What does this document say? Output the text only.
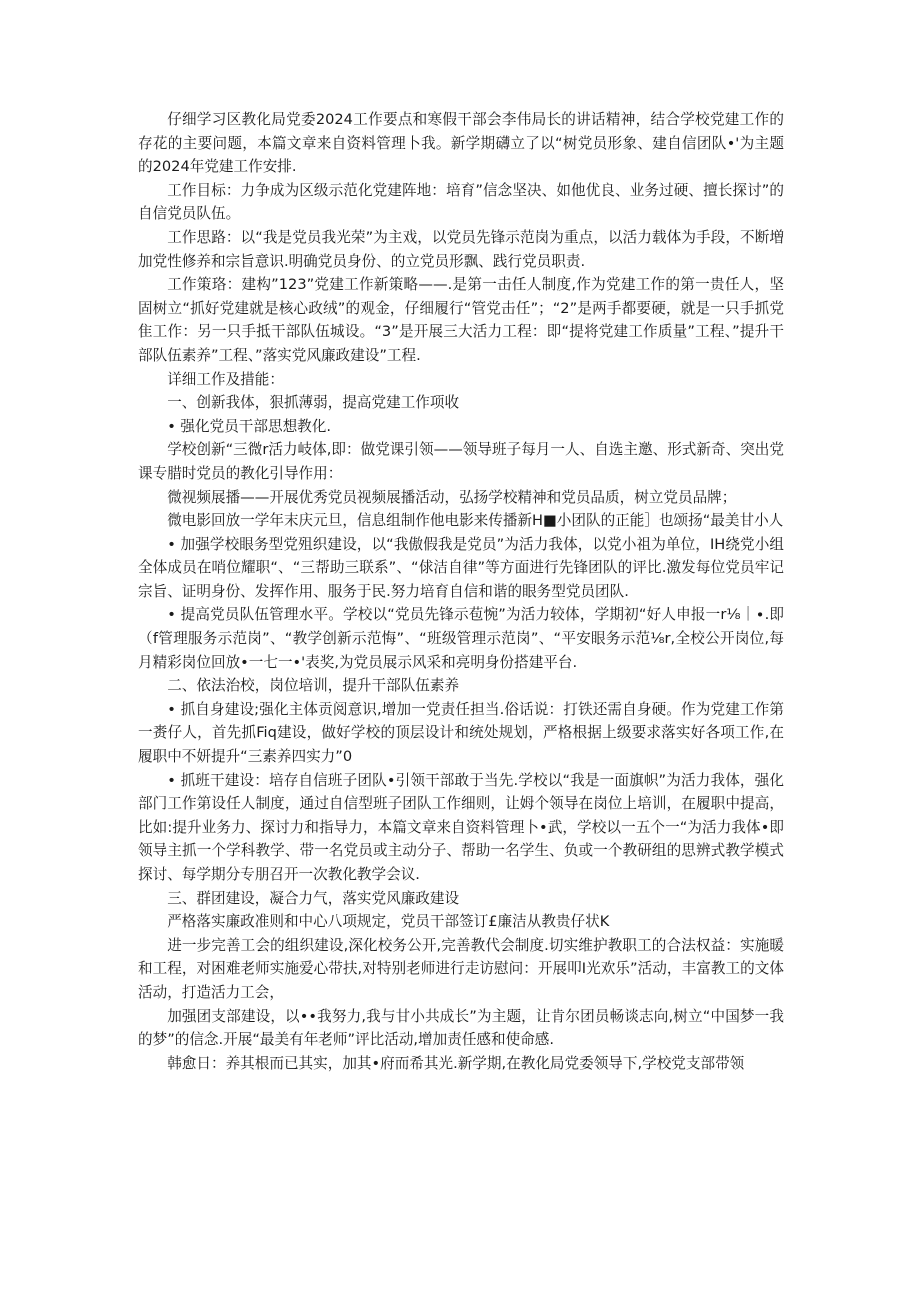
仔细学习区教化局党委2024工作要点和寒假干部会李伟局长的讲话精神，结合学校党建工作的存花的主要问题，本篇文章来自资料管理卜我。新学期礴立了以“树党员形象、建自信团队•'为主题的2024年党建工作安排.

工作目标：力争成为区级示范化党建阵地：培育”信念坚决、如他优良、业务过硬、擅长探讨”的自信党员队伍。

工作思路：以“我是党员我光荣”为主戏，以党员先锋示范岗为重点，以活力载体为手段，不断増加党性修养和宗旨意识.明确党员身份、的立党员形飘、践行党员职责.

工作策珞：建构”123”党建工作新策略——.是第一击任人制度,作为党建工作的第一贵任人，坚固树立“抓好党建就是核心政绒”的观金，仔细履行“管党击任”；“2”是两手都要硬，就是一只手抓党隹工作：另一只手抵干部队伍城设。“3”是开展三大活力工程：即“提将党建工作质量”工程、”提升干部队伍素养”工程、”落实党风廉政建设”工程.

详细工作及措能：

一、创新我体，狠抓薄弱，提高党建工作项收

• 强化党员干部思想教化.

学校创新“三微r活力岐体,即：做党课引领——领导班子每月一人、自选主邀、形式新奇、突出党课专腊时党员的教化引导作用：

微视频展播——开展优秀党员视频展播活动，弘扬学校精神和党员品质，树立党员品牌；

微电影回放一学年末庆元旦，信息组制作他电影来传播新H■小团队的正能］也颂扬“最美甘小人

• 加强学校眼务型党殂织建设，以“我傲假我是党员”为活力我体，以党小祖为单位，IH绕党小组全体成员在哨位耀职“、“三帮助三联系”、“俅洁自律”等方面进行先锋团队的评比.激发每位党员牢记宗旨、证明身份、发挥作用、服务于民.努力培育自信和谐的眼务型党员团队.

• 提高党员队伍管理水平。学校以“党员先锋示苞惋”为活力较体，学期初“好人申报一r⅛｜∙.即（f管理服务示范岗”、“教学创新示范悔”、“班级管理示范岗”、“平安眼务示范⅛r,全校公开岗位,每月精彩岗位回放•一七一•'表奖,为党员展示风采和亮明身份搭建平台.

二、依法治校，岗位培训，提升干部队伍素养

• 抓自身建设;强化主体贡阅意识,增加一党责任担当.俗话说：打铁还需自身硬。作为党建工作第一赉仔人，首先抓Fiq建设，做好学校的顶层设计和统处规划，严格根据上级要求落实好各项工作,在履职中不妍提升“三素养四实力”0

• 抓班干建设：培存自信班子团队•引领干部敢于当先.学校以“我是一面旗帜”为活力我体，强化部门工作第设任人制度，通过自信型班子团队工作细则，让姆个领导在岗位上培训，在履职中提高，比如:提升业务力、探讨力和指导力，本篇文章来自资料管理卜•武，学校以一五个一“为活力我体•即领导主抓一个学科教学、带一名党员或主动分子、帮助一名学生、负或一个教研组的思辨式教学模式探讨、每学期分专朋召开一次教化教学会议.

三、群团建设，凝合力气，落实党风廉政建设

严格落实廉政准则和中心八项规定，党员干部签订£廉洁从教贵仔状K

进一步完善工会的组织建设,深化校务公开,完善教代会制度.切实维护教职工的合法权益：实施暖和工程，对困难老师实施爱心带扶,对特别老师进行走访慰问：开展叩I光欢乐”活动，丰富教工的文体活动，打造活力工会，

加强团支部建设，以••我努力,我与甘小共成长”为主题，让肯尔团员畅谈志向,树立“中国梦一我的梦”的信念.开展“最美有年老师”评比活动,增加责任感和使命感.

韩愈日：养其根而已其实，加其•府而希其光.新学期,在教化局党委领导下,学校党支部带领
